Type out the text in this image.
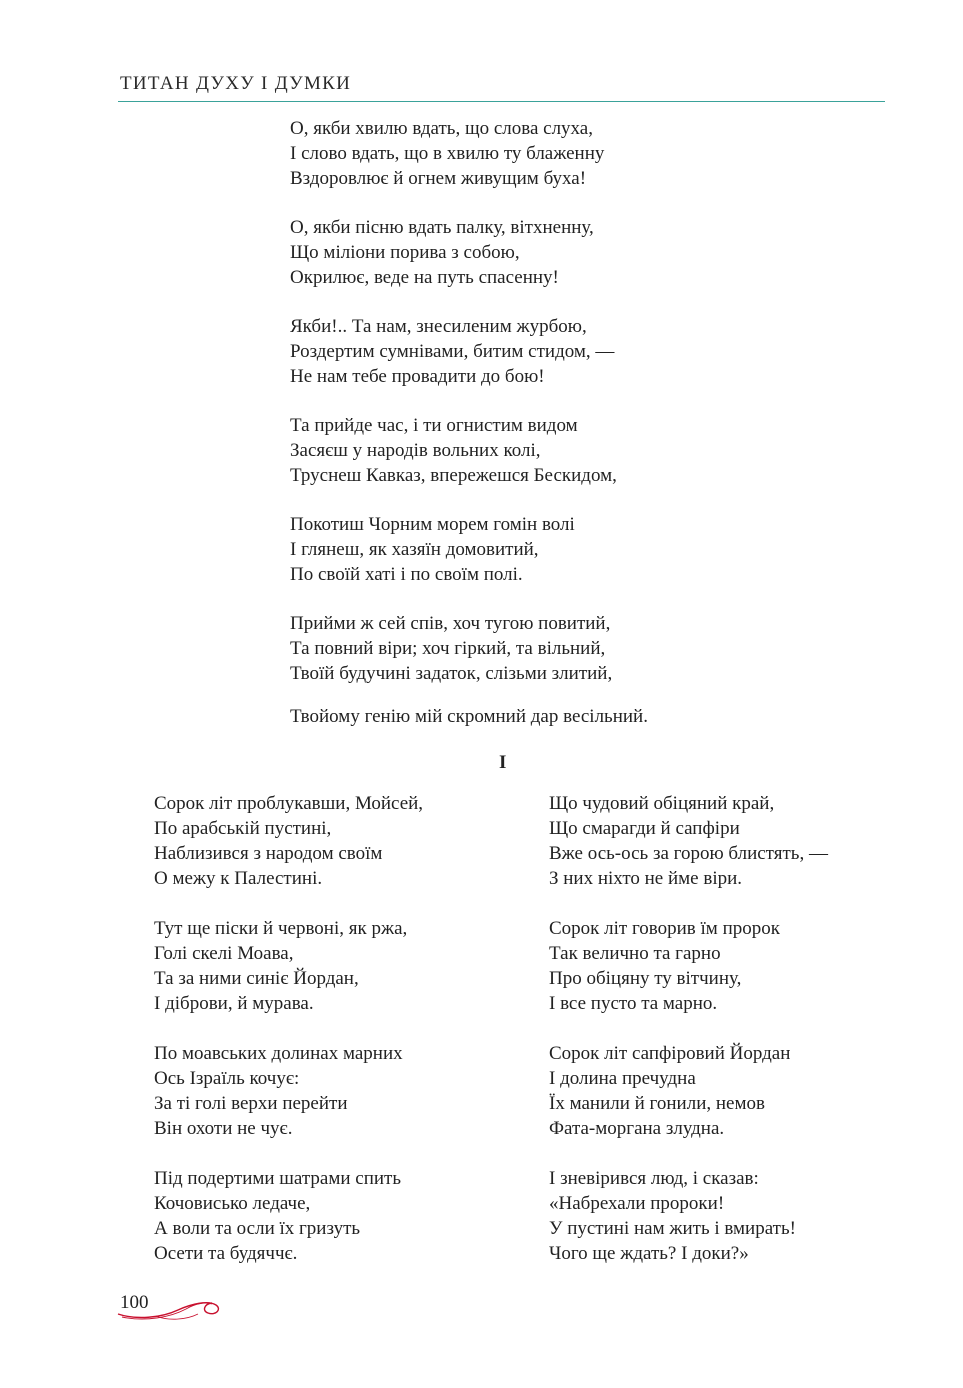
ТИТАН ДУХУ І ДУМКИ
О, якби хвилю вдать, що слова слуха,
І слово вдать, що в хвилю ту блаженну
Вздоровлює й огнем живущим буха!
О, якби пісню вдать палку, вітхненну,
Що міліони порива з собою,
Окрилює, веде на путь спасенну!
Якби!.. Та нам, знесиленим журбою,
Роздертим сумнівами, битим стидом, —
Не нам тебе провадити до бою!
Та прийде час, і ти огнистим видом
Засяєш у народів вольних колі,
Труснеш Кавказ, впережешся Бескидом,
Покотиш Чорним морем гомін волі
І глянеш, як хазяїн домовитий,
По своїй хаті і по своїм полі.
Прийми ж сей спів, хоч тугою повитий,
Та повний віри; хоч гіркий, та вільний,
Твоїй будучині задаток, слізьми злитий,
Твойому генію мій скромний дар весільний.
I
Сорок літ проблукавши, Мойсей,
По арабській пустині,
Наблизився з народом своїм
О межу к Палестині.
Тут ще піски й червоні, як ржа,
Голі скелі Моава,
Та за ними синіє Йордан,
І діброви, й мурава.
По моавських долинах марних
Ось Ізраїль кочує:
За ті голі верхи перейти
Він охоти не чує.
Під подертими шатрами спить
Кочовисько ледаче,
А воли та осли їх гризуть
Осети та будяччє.
Що чудовий обіцяний край,
Що смарагди й сапфіри
Вже ось-ось за горою блистять, —
З них ніхто не йме віри.
Сорок літ говорив їм пророк
Так велично та гарно
Про обіцяну ту вітчину,
І все пусто та марно.
Сорок літ сапфіровий Йордан
І долина пречудна
Їх манили й гонили, немов
Фата-моргана злудна.
І зневірився люд, і сказав:
«Набрехали пророки!
У пустині нам жить і вмирать!
Чого ще ждать? І доки?»
100
